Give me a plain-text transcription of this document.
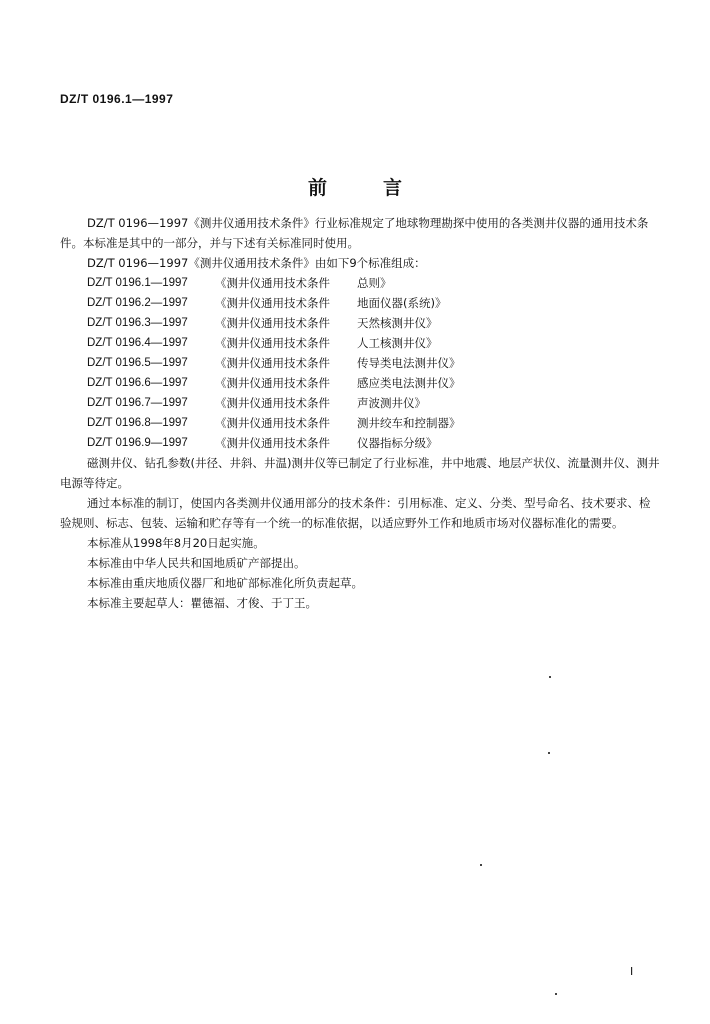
DZ/T 0196.1—1997
前言

DZ/T 0196—1997《测井仪通用技术条件》行业标准规定了地球物理勘探中使用的各类测井仪器的通用技术条件。本标准是其中的一部分，并与下述有关标准同时使用。

DZ/T 0196—1997《测井仪通用技术条件》由如下9个标准组成：

DZ/T 0196.1—1997	《测井仪通用技术条件	总则》
DZ/T 0196.2—1997	《测井仪通用技术条件	地面仪器(系统)》
DZ/T 0196.3—1997	《测井仪通用技术条件	天然核测井仪》
DZ/T 0196.4—1997	《测井仪通用技术条件	人工核测井仪》
DZ/T 0196.5—1997	《测井仪通用技术条件	传导类电法测井仪》
DZ/T 0196.6—1997	《测井仪通用技术条件	感应类电法测井仪》
DZ/T 0196.7—1997	《测井仪通用技术条件	声波测井仪》
DZ/T 0196.8—1997	《测井仪通用技术条件	测井绞车和控制器》
DZ/T 0196.9—1997	《测井仪通用技术条件	仪器指标分级》

磁测井仪、钻孔参数(井径、井斜、井温)测井仪等已制定了行业标准，井中地震、地层产状仪、流量测井仪、测井电源等待定。

通过本标准的制订，使国内各类测井仪通用部分的技术条件：引用标准、定义、分类、型号命名、技术要求、检验规则、标志、包装、运输和贮存等有一个统一的标准依据，以适应野外工作和地质市场对仪器标准化的需要。

本标准从1998年8月20日起实施。

本标准由中华人民共和国地质矿产部提出。

本标准由重庆地质仪器厂和地矿部标准化所负责起草。

本标准主要起草人：瞿德福、才俊、于丁王。

I
